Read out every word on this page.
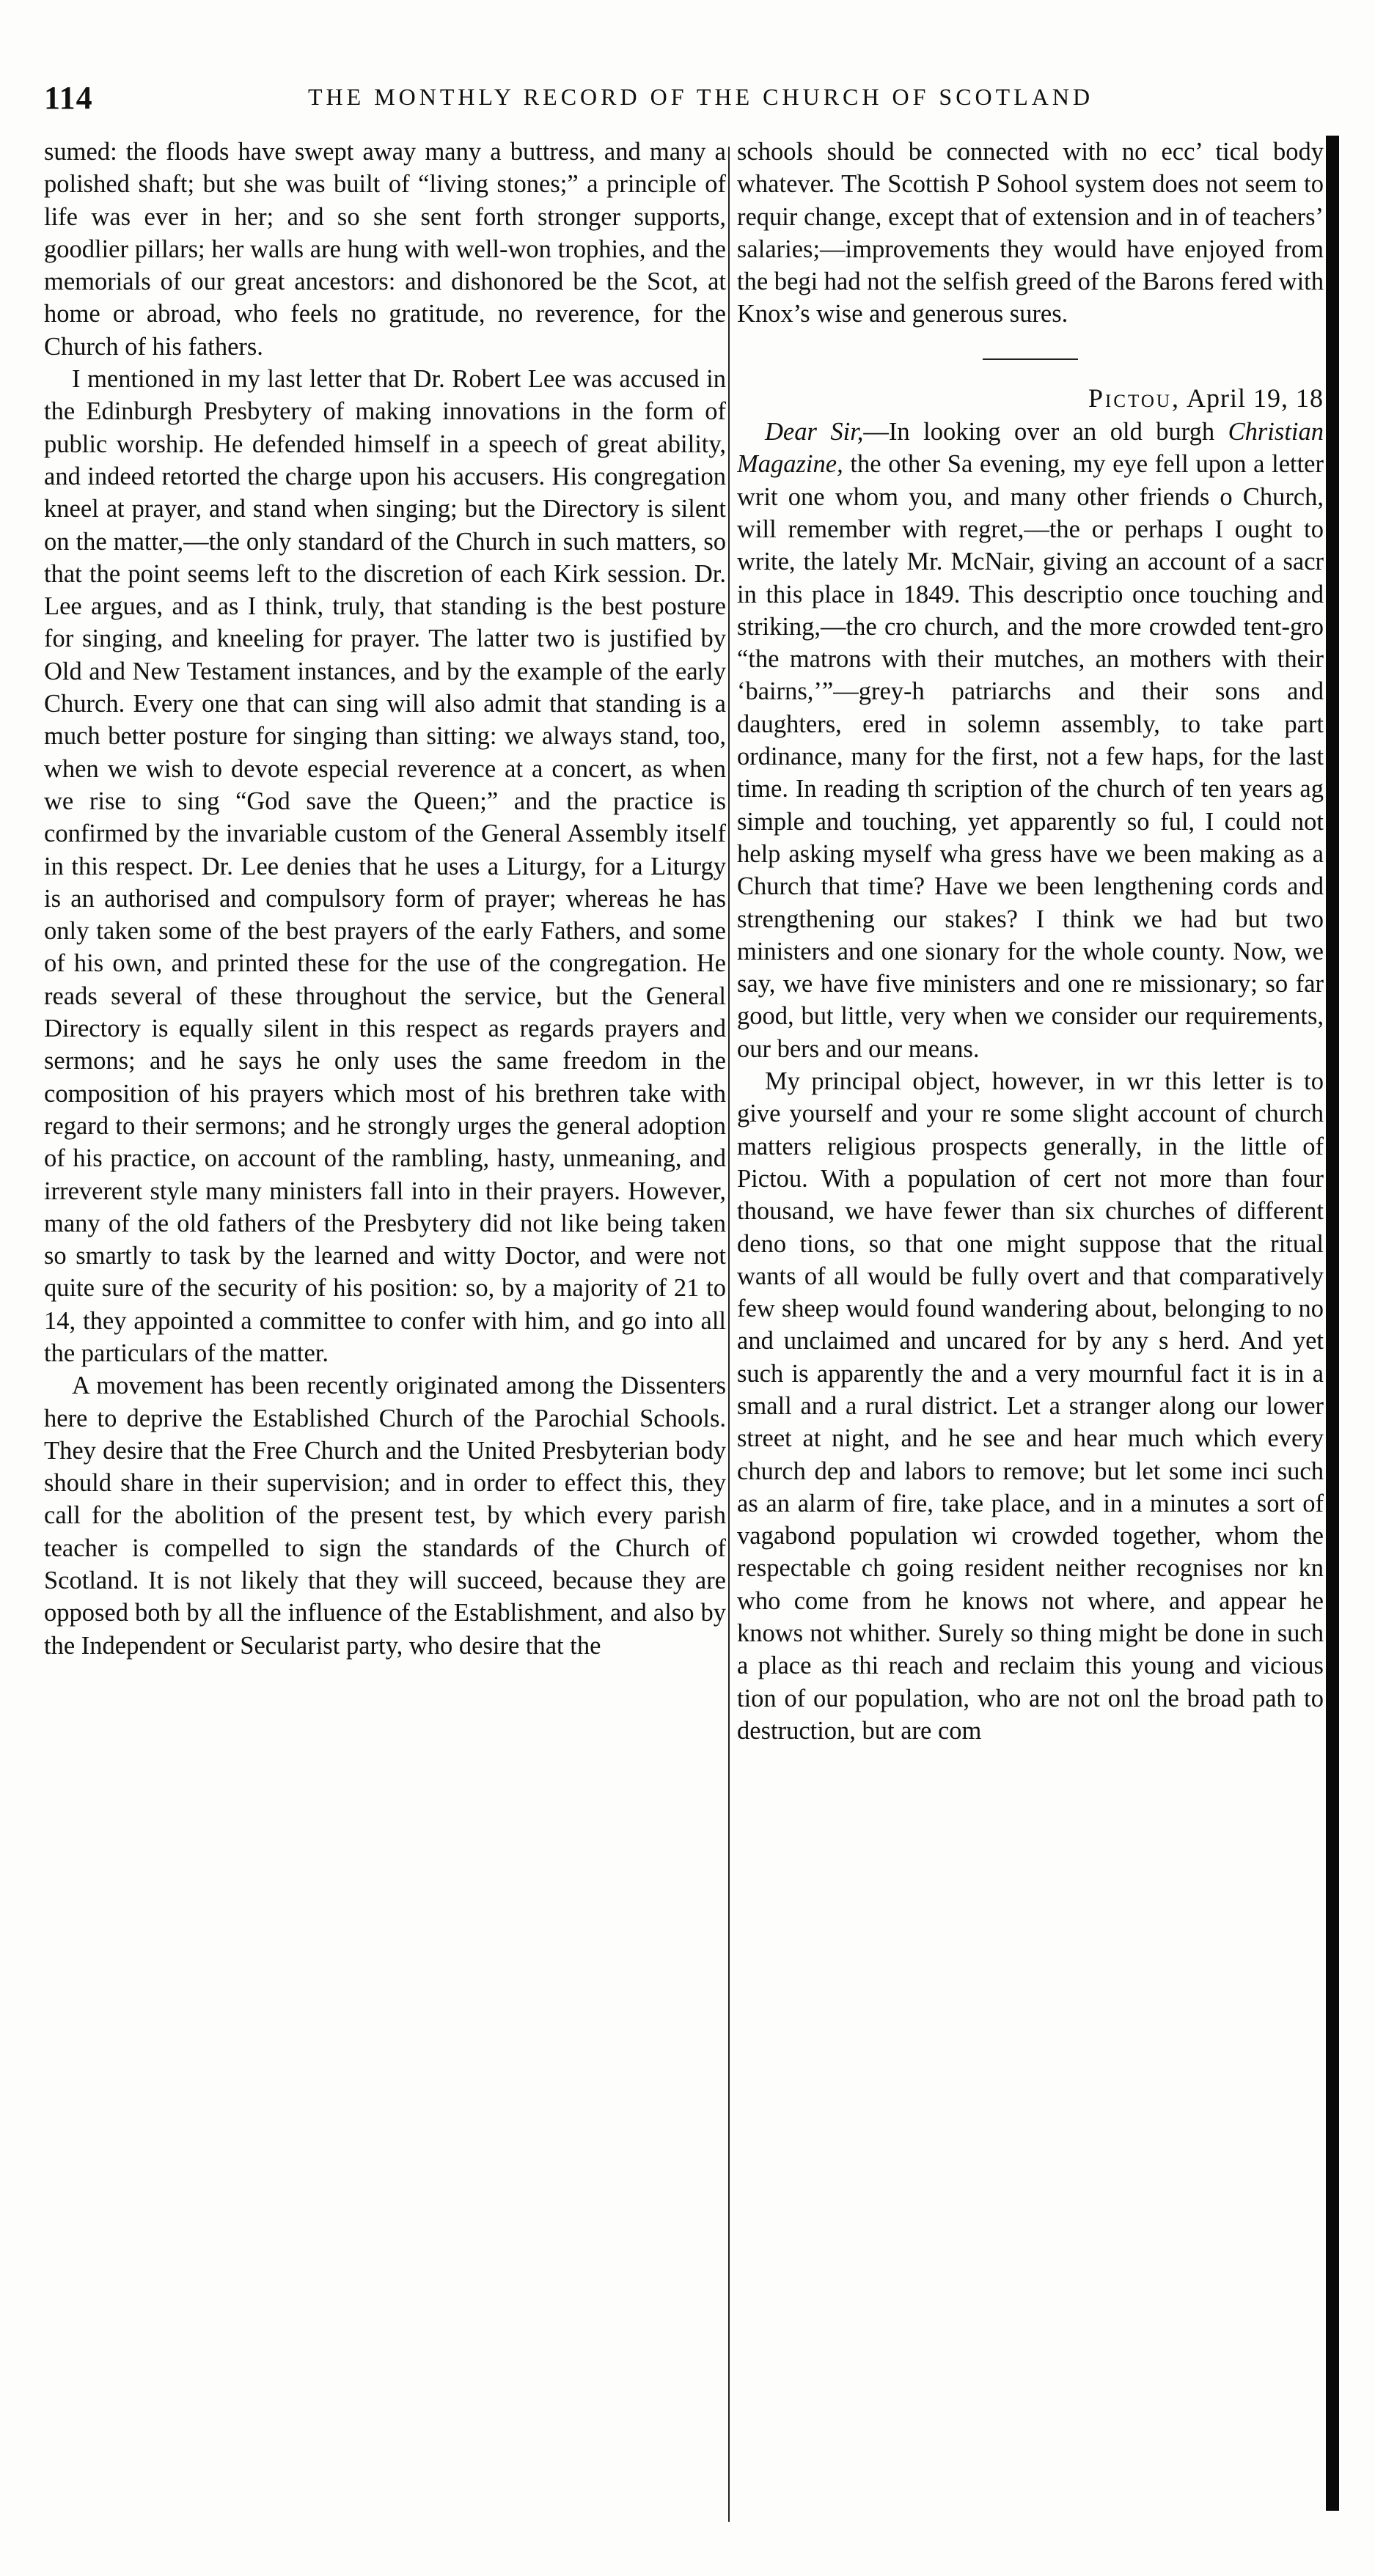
114	THE MONTHLY RECORD OF THE CHURCH OF SCOTLAND

sumed: the floods have swept away many a buttress, and many a polished shaft; but she was built of “living stones;” a principle of life was ever in her; and so she sent forth stronger supports, goodlier pillars; her walls are hung with well-won trophies, and the memorials of our great ancestors: and dishonored be the Scot, at home or abroad, who feels no gratitude, no reverence, for the Church of his fathers.

I mentioned in my last letter that Dr. Robert Lee was accused in the Edinburgh Presbytery of making innovations in the form of public worship. He defended himself in a speech of great ability, and indeed retorted the charge upon his accusers. His congregation kneel at prayer, and stand when singing; but the Directory is silent on the matter,—the only standard of the Church in such matters, so that the point seems left to the discretion of each Kirk session. Dr. Lee argues, and as I think, truly, that standing is the best posture for singing, and kneeling for prayer. The latter two is justified by Old and New Testament instances, and by the example of the early Church. Every one that can sing will also admit that standing is a much better posture for singing than sitting: we always stand, too, when we wish to devote especial reverence at a concert, as when we rise to sing “God save the Queen;” and the practice is confirmed by the invariable custom of the General Assembly itself in this respect. Dr. Lee denies that he uses a Liturgy, for a Liturgy is an authorised and compulsory form of prayer; whereas he has only taken some of the best prayers of the early Fathers, and some of his own, and printed these for the use of the congregation. He reads several of these throughout the service, but the General Directory is equally silent in this respect as regards prayers and sermons; and he says he only uses the same freedom in the composition of his prayers which most of his brethren take with regard to their sermons; and he strongly urges the general adoption of his practice, on account of the rambling, hasty, unmeaning, and irreverent style many ministers fall into in their prayers. However, many of the old fathers of the Presbytery did not like being taken so smartly to task by the learned and witty Doctor, and were not quite sure of the security of his position: so, by a majority of 21 to 14, they appointed a committee to confer with him, and go into all the particulars of the matter.

A movement has been recently originated among the Dissenters here to deprive the Established Church of the Parochial Schools. They desire that the Free Church and the United Presbyterian body should share in their supervision; and in order to effect this, they call for the abolition of the present test, by which every parish teacher is compelled to sign the standards of the Church of Scotland. It is not likely that they will succeed, because they are opposed both by all the influence of the Establishment, and also by the Independent or Secularist party, who desire that the

schools should be connected with no ecc’ tical body whatever. The Scottish P Sohool system does not seem to requir change, except that of extension and in of teachers’ salaries;—improvements they would have enjoyed from the begi had not the selfish greed of the Barons fered with Knox’s wise and generous sures.

Pictou, April 19, 18

Dear Sir,—In looking over an old burgh Christian Magazine, the other Sa evening, my eye fell upon a letter writ one whom you, and many other friends o Church, will remember with regret,—the or perhaps I ought to write, the lately Mr. McNair, giving an account of a sacr in this place in 1849. This descriptio once touching and striking,—the cro church, and the more crowded tent-gro “the matrons with their mutches, an mothers with their ‘bairns,’”—grey-h patriarchs and their sons and daughters, ered in solemn assembly, to take part ordinance, many for the first, not a few haps, for the last time. In reading th scription of the church of ten years ag simple and touching, yet apparently so ful, I could not help asking myself wha gress have we been making as a Church that time? Have we been lengthening cords and strengthening our stakes? I think we had but two ministers and one sionary for the whole county. Now, we say, we have five ministers and one re missionary; so far good, but little, very when we consider our requirements, our bers and our means.

My principal object, however, in wr this letter is to give yourself and your re some slight account of church matters religious prospects generally, in the little of Pictou. With a population of cert not more than four thousand, we have fewer than six churches of different deno tions, so that one might suppose that the ritual wants of all would be fully overt and that comparatively few sheep would found wandering about, belonging to no and unclaimed and uncared for by any s herd. And yet such is apparently the and a very mournful fact it is in a small and a rural district. Let a stranger along our lower street at night, and he see and hear much which every church dep and labors to remove; but let some inci such as an alarm of fire, take place, and in a minutes a sort of vagabond population wi crowded together, whom the respectable ch going resident neither recognises nor kn who come from he knows not where, and appear he knows not whither. Surely so thing might be done in such a place as thi reach and reclaim this young and vicious tion of our population, who are not onl the broad path to destruction, but are com
